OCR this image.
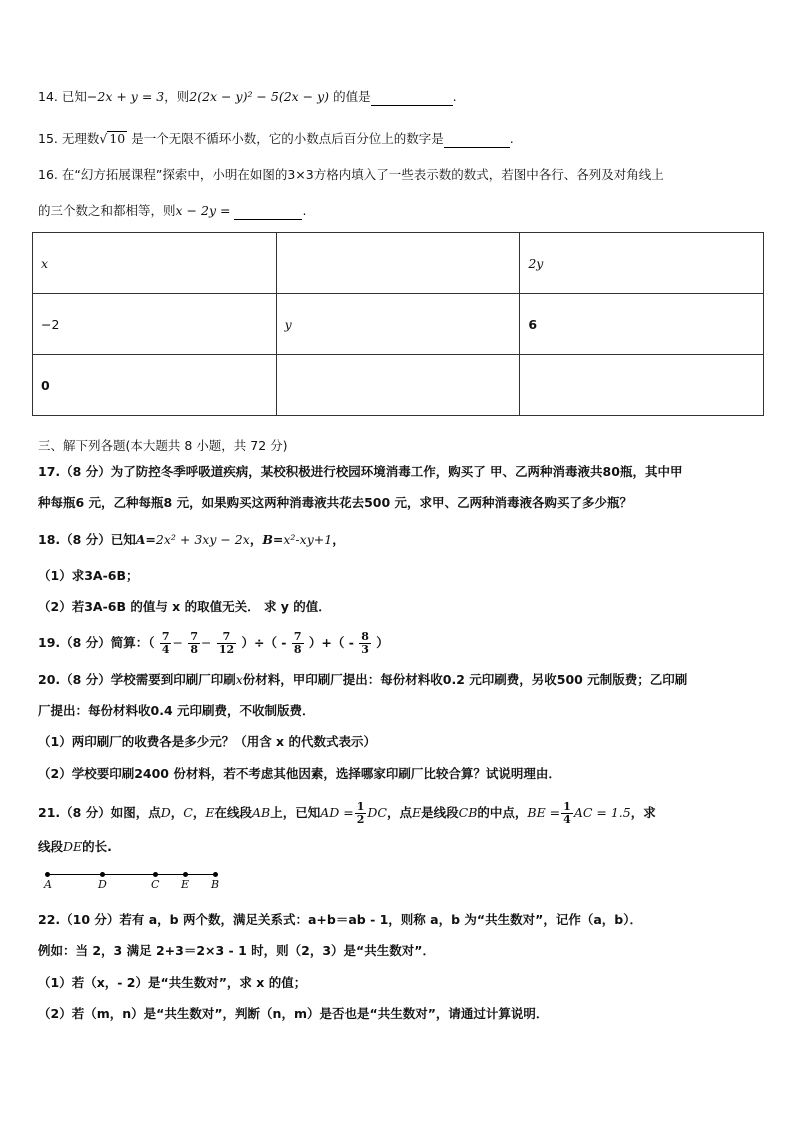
14. 已知−2x + y = 3，则2(2x − y)² − 5(2x − y) 的值是	.
15. 无理数√ 10 是一个无限不循环小数，它的小数点后百分位上的数字是	.
16. 在“幻方拓展课程”探索中，小明在如图的3×3方格内填入了一些表示数的数式，若图中各行、各列及对角线上
的三个数之和都相等，则x − 2y =	.
x		2y
−2	y	6
0		
三、解下列各题(本大题共 8 小题，共 72 分)
17.（8 分）为了防控冬季呼吸道疾病，某校积极进行校园环境消毒工作，购买了 甲、乙两种消毒液共80瓶，其中甲
种每瓶6 元，乙种每瓶8 元，如果购买这两种消毒液共花去500 元，求甲、乙两种消毒液各购买了多少瓶？
18.（8 分）已知A=2x² + 3xy − 2x，B=x²-xy+1，
（1）求3A-6B；
（2）若3A-6B 的值与 x 的取值无关． 求 y 的值．
19.（8 分）简算：（ $\frac{7}{4} - \frac{7}{8} - \frac{7}{12}$ ）÷（ - $\frac{7}{8}$ ）+（ - $\frac{8}{3}$ ）
20.（8 分）学校需要到印刷厂印刷x份材料，甲印刷厂提出：每份材料收0.2 元印刷费，另收500 元制版费；乙印刷
厂提出：每份材料收0.4 元印刷费，不收制版费．
（1）两印刷厂的收费各是多少元？（用含 x 的代数式表示）
（2）学校要印刷2400 份材料，若不考虑其他因素，选择哪家印刷厂比较合算？试说明理由．
21.（8 分）如图，点D，C，E在线段AB上，已知AD = $\frac{1}{2}$ DC，点E是线段CB的中点，BE = $\frac{1}{4}$ AC = 1.5，求
线段DE的长.
A	D	C E B
22.（10 分）若有 a，b 两个数，满足关系式：a+b＝ab - 1，则称 a，b 为“共生数对”，记作（a，b）．
例如：当 2，3 满足 2+3＝2×3 - 1 时，则（2，3）是“共生数对”．
（1）若（x，- 2）是“共生数对”，求 x 的值；
（2）若（m，n）是“共生数对”，判断（n，m）是否也是“共生数对”，请通过计算说明．
